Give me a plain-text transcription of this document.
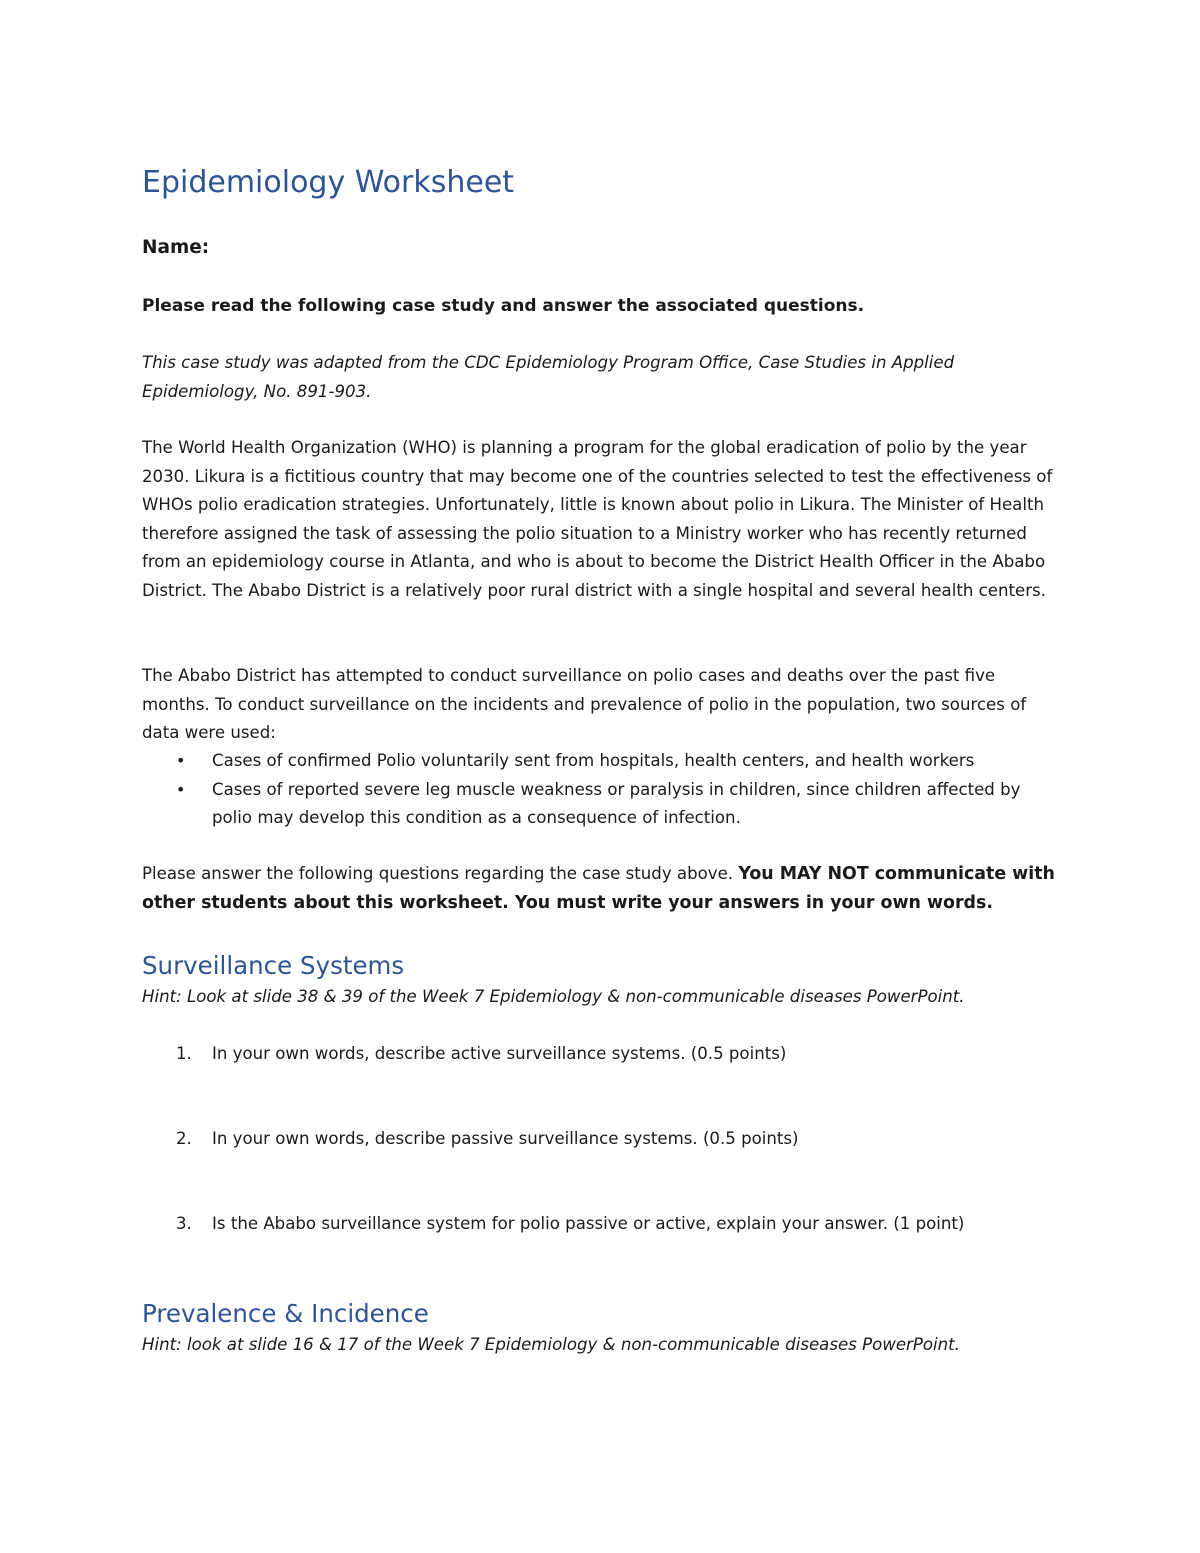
Epidemiology Worksheet
Name:
Please read the following case study and answer the associated questions.
This case study was adapted from the CDC Epidemiology Program Office, Case Studies in Applied Epidemiology, No. 891-903.
The World Health Organization (WHO) is planning a program for the global eradication of polio by the year 2030. Likura is a fictitious country that may become one of the countries selected to test the effectiveness of WHOs polio eradication strategies. Unfortunately, little is known about polio in Likura. The Minister of Health therefore assigned the task of assessing the polio situation to a Ministry worker who has recently returned from an epidemiology course in Atlanta, and who is about to become the District Health Officer in the Ababo District. The Ababo District is a relatively poor rural district with a single hospital and several health centers.
The Ababo District has attempted to conduct surveillance on polio cases and deaths over the past five months. To conduct surveillance on the incidents and prevalence of polio in the population, two sources of data were used:
• Cases of confirmed Polio voluntarily sent from hospitals, health centers, and health workers
• Cases of reported severe leg muscle weakness or paralysis in children, since children affected by polio may develop this condition as a consequence of infection.
Please answer the following questions regarding the case study above. You MAY NOT communicate with other students about this worksheet. You must write your answers in your own words.
Surveillance Systems
Hint: Look at slide 38 & 39 of the Week 7 Epidemiology & non-communicable diseases PowerPoint.
1. In your own words, describe active surveillance systems. (0.5 points)
2. In your own words, describe passive surveillance systems. (0.5 points)
3. Is the Ababo surveillance system for polio passive or active, explain your answer. (1 point)
Prevalence & Incidence
Hint: look at slide 16 & 17 of the Week 7 Epidemiology & non-communicable diseases PowerPoint.
